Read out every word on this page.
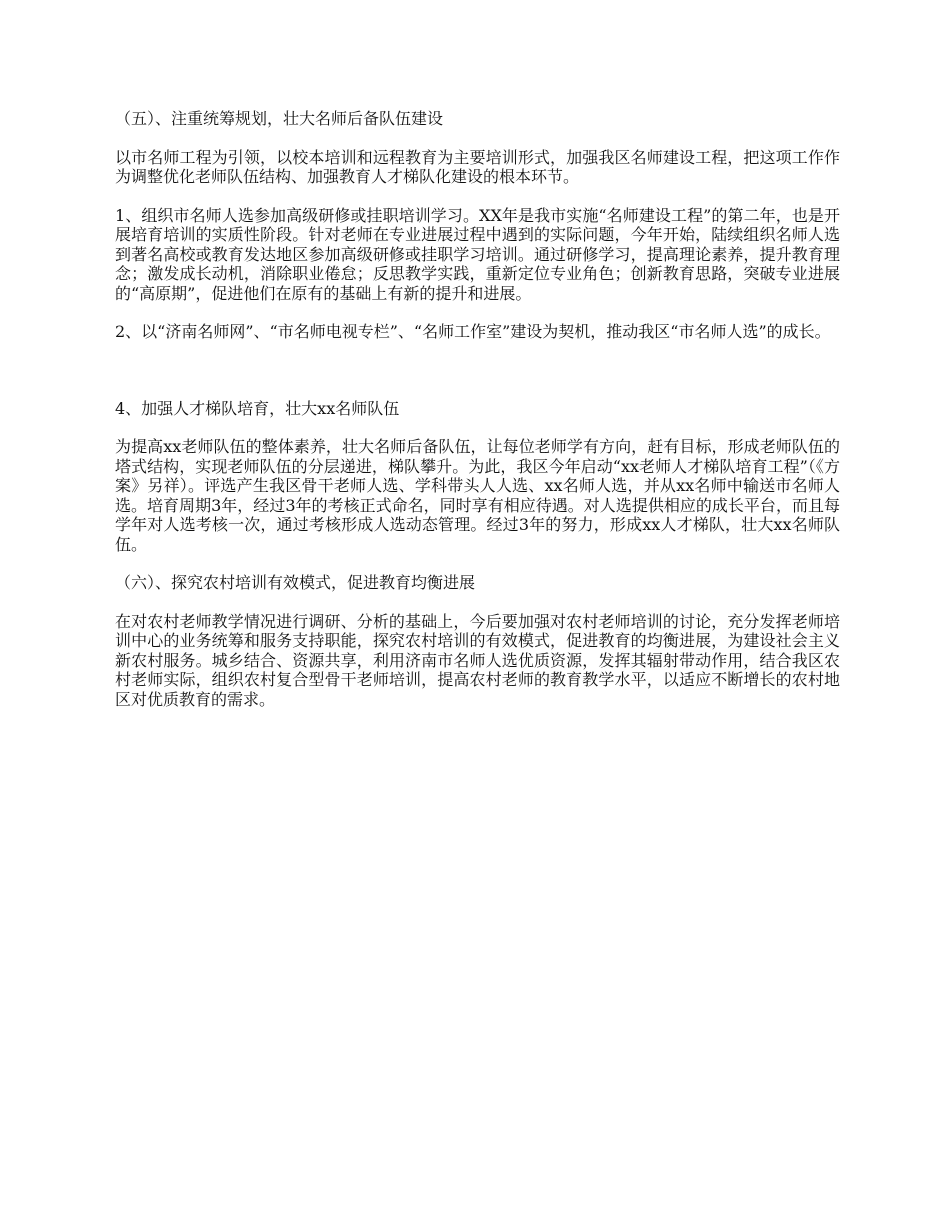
（五）、注重统筹规划，壮大名师后备队伍建设

以市名师工程为引领，以校本培训和远程教育为主要培训形式，加强我区名师建设工程，把这项工作作为调整优化老师队伍结构、加强教育人才梯队化建设的根本环节。

1、组织市名师人选参加高级研修或挂职培训学习。XX年是我市实施“名师建设工程”的第二年，也是开展培育培训的实质性阶段。针对老师在专业进展过程中遇到的实际问题，今年开始，陆续组织名师人选到著名高校或教育发达地区参加高级研修或挂职学习培训。通过研修学习，提高理论素养，提升教育理念；激发成长动机，消除职业倦怠；反思教学实践，重新定位专业角色；创新教育思路，突破专业进展的“高原期”，促进他们在原有的基础上有新的提升和进展。

2、以“济南名师网”、“市名师电视专栏”、“名师工作室”建设为契机，推动我区“市名师人选”的成长。

4、加强人才梯队培育，壮大xx名师队伍

为提高xx老师队伍的整体素养，壮大名师后备队伍，让每位老师学有方向，赶有目标，形成老师队伍的塔式结构，实现老师队伍的分层递进，梯队攀升。为此，我区今年启动“xx老师人才梯队培育工程”（《方案》另祥）。评选产生我区骨干老师人选、学科带头人人选、xx名师人选，并从xx名师中输送市名师人选。培育周期3年，经过3年的考核正式命名，同时享有相应待遇。对人选提供相应的成长平台，而且每学年对人选考核一次，通过考核形成人选动态管理。经过3年的努力，形成xx人才梯队，壮大xx名师队伍。

（六）、探究农村培训有效模式，促进教育均衡进展

在对农村老师教学情况进行调研、分析的基础上，今后要加强对农村老师培训的讨论，充分发挥老师培训中心的业务统筹和服务支持职能，探究农村培训的有效模式，促进教育的均衡进展，为建设社会主义新农村服务。城乡结合、资源共享，利用济南市名师人选优质资源，发挥其辐射带动作用，结合我区农村老师实际，组织农村复合型骨干老师培训，提高农村老师的教育教学水平，以适应不断增长的农村地区对优质教育的需求。
